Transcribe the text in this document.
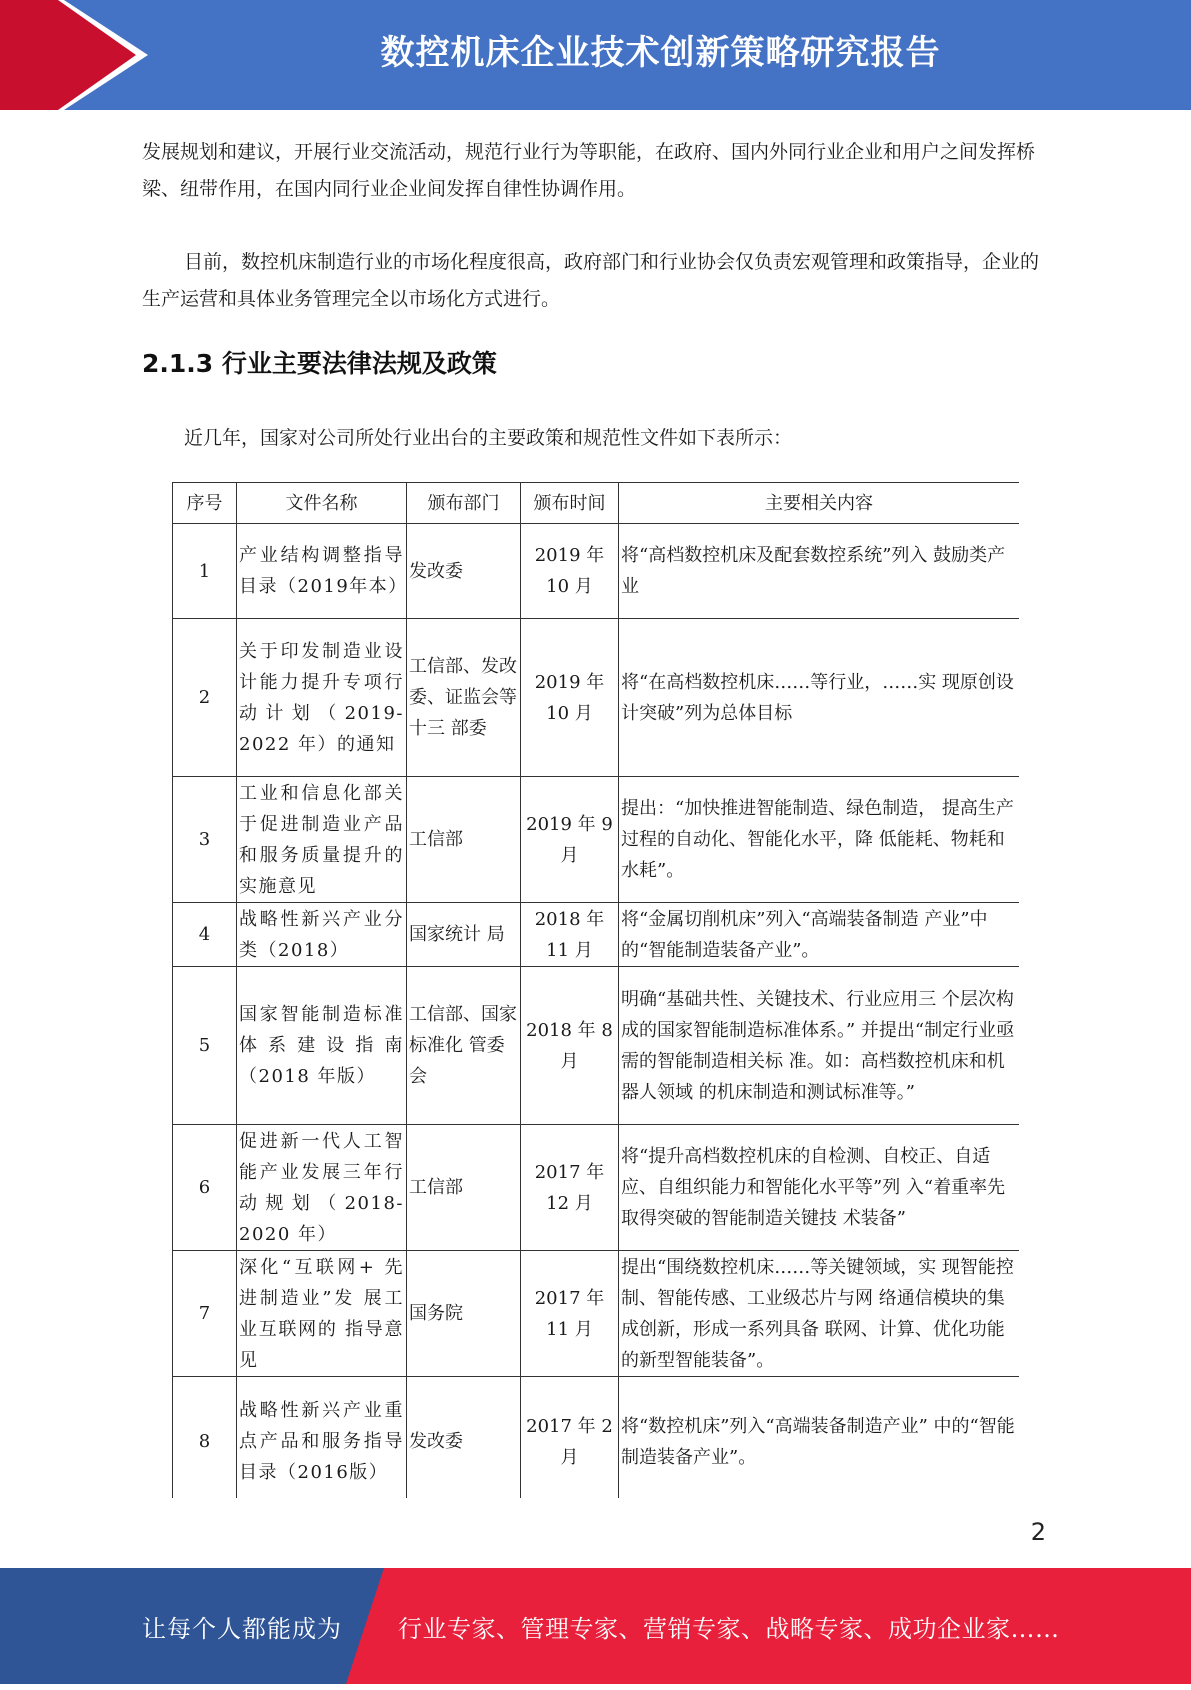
数控机床企业技术创新策略研究报告

发展规划和建议，开展行业交流活动，规范行业行为等职能，在政府、国内外同行业企业和用户之间发挥桥梁、纽带作用，在国内同行业企业间发挥自律性协调作用。

目前，数控机床制造行业的市场化程度很高，政府部门和行业协会仅负责宏观管理和政策指导，企业的生产运营和具体业务管理完全以市场化方式进行。

2.1.3 行业主要法律法规及政策

近几年，国家对公司所处行业出台的主要政策和规范性文件如下表所示：

序号	文件名称	颁布部门	颁布时间	主要相关内容
1	产业结构调整指导目录（2019年本）	发改委	2019 年 10 月	将“高档数控机床及配套数控系统”列入 鼓励类产业
2	关于印发制造业设计能力提升专项行动计划（2019-2022 年）的通知	工信部、发改委、证监会等十三 部委	2019 年 10 月	将“在高档数控机床……等行业，……实 现原创设计突破”列为总体目标
3	工业和信息化部关于促进制造业产品和服务质量提升的实施意见	工信部	2019 年 9 月	提出：“加快推进智能制造、绿色制造， 提高生产过程的自动化、智能化水平，降 低能耗、物耗和水耗”。
4	战略性新兴产业分类（2018）	国家统计 局	2018 年 11 月	将“金属切削机床”列入“高端装备制造 产业”中的“智能制造装备产业”。
5	国家智能制造标准体系建设指南（2018 年版）	工信部、国家标准化 管委会	2018 年 8 月	明确“基础共性、关键技术、行业应用三 个层次构成的国家智能制造标准体系。” 并提出“制定行业亟需的智能制造相关标 准。如：高档数控机床和机器人领域 的机床制造和测试标准等。”
6	促进新一代人工智能产业发展三年行动规划（2018-2020 年）	工信部	2017 年 12 月	将“提升高档数控机床的自检测、自校正、自适应、自组织能力和智能化水平等”列 入“着重率先取得突破的智能制造关键技 术装备”
7	深化“互联网+ 先进制造业”发 展工业互联网的 指导意见	国务院	2017 年 11 月	提出“围绕数控机床……等关键领域，实 现智能控制、智能传感、工业级芯片与网 络通信模块的集成创新，形成一系列具备 联网、计算、优化功能的新型智能装备”。
8	战略性新兴产业重点产品和服务指导目录（2016版）	发改委	2017 年 2 月	将“数控机床”列入“高端装备制造产业” 中的“智能制造装备产业”。
2
让每个人都能成为 行业专家、管理专家、营销专家、战略专家、成功企业家……
